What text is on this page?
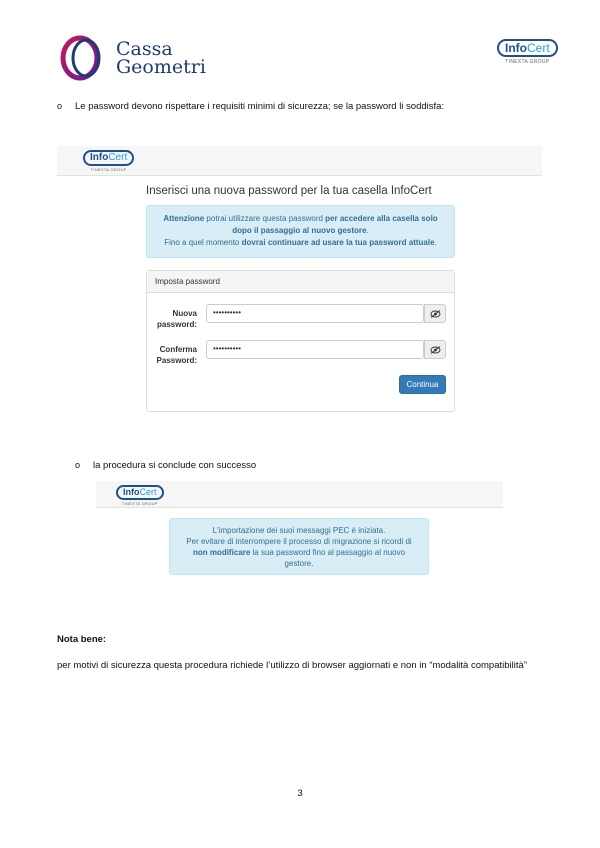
Cassa
Geometri
InfoCert
TINEXTA GROUP
o Le password devono rispettare i requisiti minimi di sicurezza; se la password li soddisfa:
InfoCert
TINEXTA GROUP
Inserisci una nuova password per la tua casella InfoCert
Attenzione potrai utilizzare questa password per accedere alla casella solo dopo il passaggio al nuovo gestore.
Fino a quel momento dovrai continuare ad usare la tua password attuale.
Imposta password
Nuova
password:
••••••••••
Conferma
Password:
••••••••••
Continua
o la procedura si conclude con successo
InfoCert
TINEXTA GROUP
L'importazione dei suoi messaggi PEC è iniziata.
Per evitare di interrompere il processo di migrazione si ricordi di non modificare la sua password fino al passaggio al nuovo gestore.
Nota bene:
per motivi di sicurezza questa procedura richiede l’utilizzo di browser aggiornati e non in “modalità compatibilità”
3
